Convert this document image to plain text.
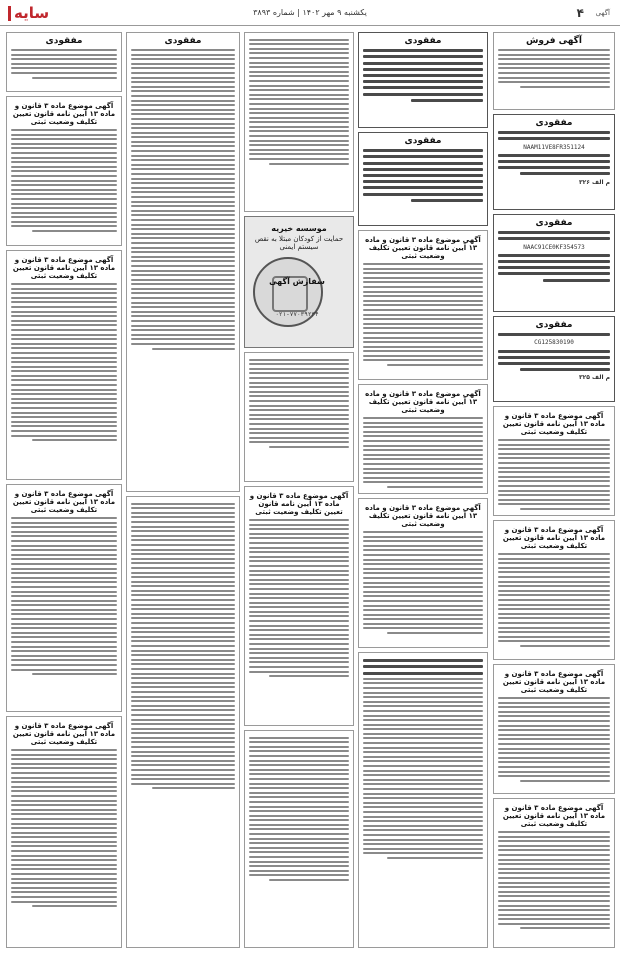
سایه	یکشنبه ۹ مهر ۱۴۰۲ | شماره ۳۸۹۳	۴ آگهی
آگهی فروش
مفقودی
NAAM11VE8FR351124
م الف ۳۲۶
مفقودی
NAAC91CE0KF354573
مفقودی
CG125830190
م الف ۳۲۵
آگهی موضوع ماده ۳ قانون و ماده ۱۳ آیین نامه قانون تعیین تکلیف وضعیت ثبتی
آگهی موضوع ماده ۳ قانون و ماده ۱۳ آیین نامه قانون تعیین تکلیف وضعیت ثبتی
آگهی موضوع ماده ۳ قانون و ماده ۱۳ آیین نامه قانون تعیین تکلیف وضعیت ثبتی
آگهی موضوع ماده ۳ قانون و ماده ۱۳ آیین نامه قانون تعیین تکلیف وضعیت ثبتی
مفقودی
مفقودی
آگهی موضوع ماده ۳ قانون و ماده ۱۳ آیین نامه قانون تعیین تکلیف وضعیت ثبتی
آگهی موضوع ماده ۳ قانون و ماده ۱۳ آیین نامه قانون تعیین تکلیف وضعیت ثبتی
آگهی موضوع ماده ۳ قانون و ماده ۱۳ آیین نامه قانون تعیین تکلیف وضعیت ثبتی
موسسه خیریه
حمایت از کودکان مبتلا به نقص سیستم ایمنی
سفارش آگهی
۰۲۱-۷۷۰۳۹۲۳۴
آگهی موضوع ماده ۳ قانون و ماده ۱۳ آیین نامه قانون تعیین تکلیف وضعیت ثبتی
مفقودی
مفقودی
آگهی موضوع ماده ۳ قانون و ماده ۱۳ آیین نامه قانون تعیین تکلیف وضعیت ثبتی
آگهی موضوع ماده ۳ قانون و ماده ۱۳ آیین نامه قانون تعیین تکلیف وضعیت ثبتی
آگهی موضوع ماده ۳ قانون و ماده ۱۳ آیین نامه قانون تعیین تکلیف وضعیت ثبتی
آگهی موضوع ماده ۳ قانون و ماده ۱۳ آیین نامه قانون تعیین تکلیف وضعیت ثبتی
